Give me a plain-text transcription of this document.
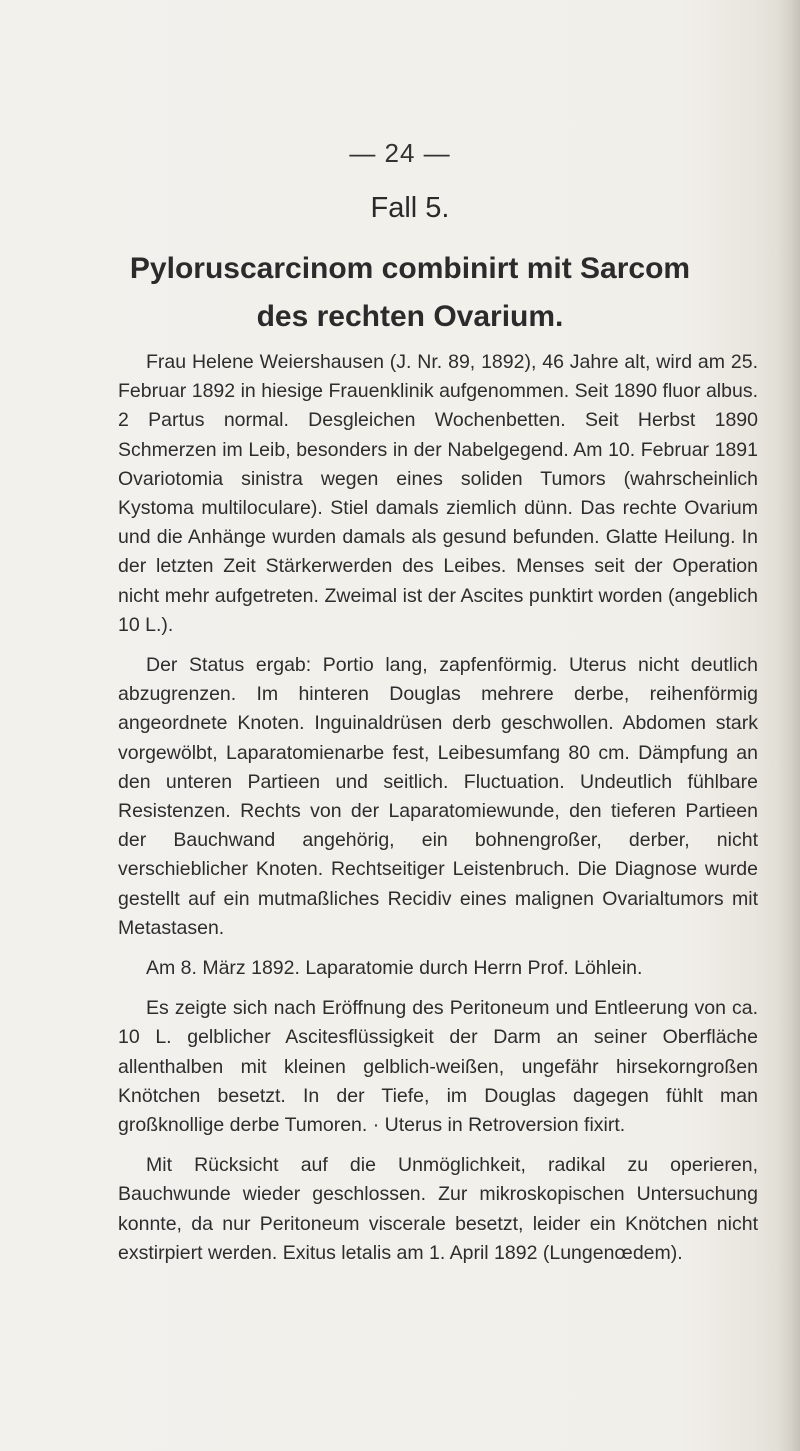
— 24 —
Fall 5.
Pyloruscarcinom combinirt mit Sarcom
des rechten Ovarium.

Frau Helene Weiershausen (J. Nr. 89, 1892), 46 Jahre alt, wird am 25. Februar 1892 in hiesige Frauenklinik aufgenommen. Seit 1890 fluor albus. 2 Partus normal. Desgleichen Wochenbetten. Seit Herbst 1890 Schmerzen im Leib, besonders in der Nabelgegend. Am 10. Februar 1891 Ovariotomia sinistra wegen eines soliden Tumors (wahrscheinlich Kystoma multiloculare). Stiel damals ziemlich dünn. Das rechte Ovarium und die Anhänge wurden damals als gesund befunden. Glatte Heilung. In der letzten Zeit Stärkerwerden des Leibes. Menses seit der Operation nicht mehr aufgetreten. Zweimal ist der Ascites punktirt worden (angeblich 10 L.).

Der Status ergab: Portio lang, zapfenförmig. Uterus nicht deutlich abzugrenzen. Im hinteren Douglas mehrere derbe, reihenförmig angeordnete Knoten. Inguinaldrüsen derb geschwollen. Abdomen stark vorgewölbt, Laparatomienarbe fest, Leibesumfang 80 cm. Dämpfung an den unteren Partieen und seitlich. Fluctuation. Undeutlich fühlbare Resistenzen. Rechts von der Laparatomiewunde, den tieferen Partieen der Bauchwand angehörig, ein bohnengroßer, derber, nicht verschieblicher Knoten. Rechtseitiger Leistenbruch. Die Diagnose wurde gestellt auf ein mutmaßliches Recidiv eines malignen Ovarialtumors mit Metastasen.

Am 8. März 1892. Laparatomie durch Herrn Prof. Löhlein.

Es zeigte sich nach Eröffnung des Peritoneum und Entleerung von ca. 10 L. gelblicher Ascitesflüssigkeit der Darm an seiner Oberfläche allenthalben mit kleinen gelblich-weißen, ungefähr hirsekorngroßen Knötchen besetzt. In der Tiefe, im Douglas dagegen fühlt man großknollige derbe Tumoren. · Uterus in Retroversion fixirt.

Mit Rücksicht auf die Unmöglichkeit, radikal zu operieren, Bauchwunde wieder geschlossen. Zur mikroskopischen Untersuchung konnte, da nur Peritoneum viscerale besetzt, leider ein Knötchen nicht exstirpiert werden. Exitus letalis am 1. April 1892 (Lungenœdem).
